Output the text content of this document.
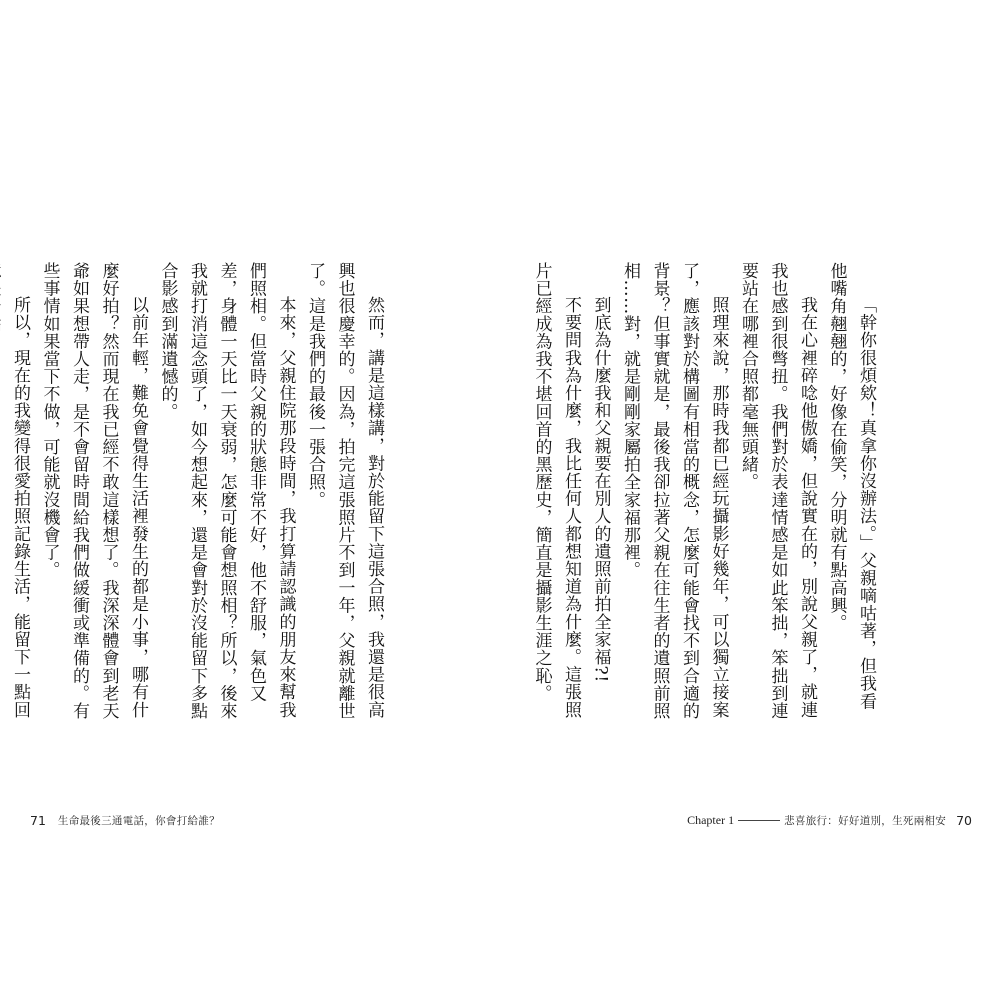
然而，講是這樣講，對於能留下這張合照，我還是很高興也很慶幸的。因為，拍完這張照片不到一年，父親就離世了。這是我們的最後一張合照。

本來，父親住院那段時間，我打算請認識的朋友來幫我們照相。但當時父親的狀態非常不好，他不舒服，氣色又差，身體一天比一天衰弱，怎麼可能會想照相？所以，後來我就打消這念頭了，如今想起來，還是會對於沒能留下多點合影感到滿遺憾的。

以前年輕，難免會覺得生活裡發生的都是小事，哪有什麼好拍？然而現在我已經不敢這樣想了。我深深體會到老天爺如果想帶人走，是不會留時間給我們做緩衝或準備的。有些事情如果當下不做，可能就沒機會了。

所以，現在的我變得很愛拍照記錄生活，能留下一點回

71 生命最後三通電話，你會打給誰？

「幹你很煩欸！真拿你沒辦法。」父親嘀咕著，但我看他嘴角翹翹的，好像在偷笑，分明就有點高興。

我在心裡碎唸他傲嬌，但說實在的，別說父親了，就連我也感到很彆扭。我們對於表達情感是如此笨拙，笨拙到連要站在哪裡合照都毫無頭緒。

照理來說，那時我都已經玩攝影好幾年，可以獨立接案了，應該對於構圖有相當的概念，怎麼可能會找不到合適的背景？但事實就是，最後我卻拉著父親在往生者的遺照前照相……對，就是剛剛家屬拍全家福那裡。

到底為什麼我和父親要在別人的遺照前拍全家福?!

不要問我為什麼，我比任何人都想知道為什麼。這張照片已經成為我不堪回首的黑歷史，簡直是攝影生涯之恥。

Chapter 1	悲喜旅行：好好道別，生死兩相安 70
